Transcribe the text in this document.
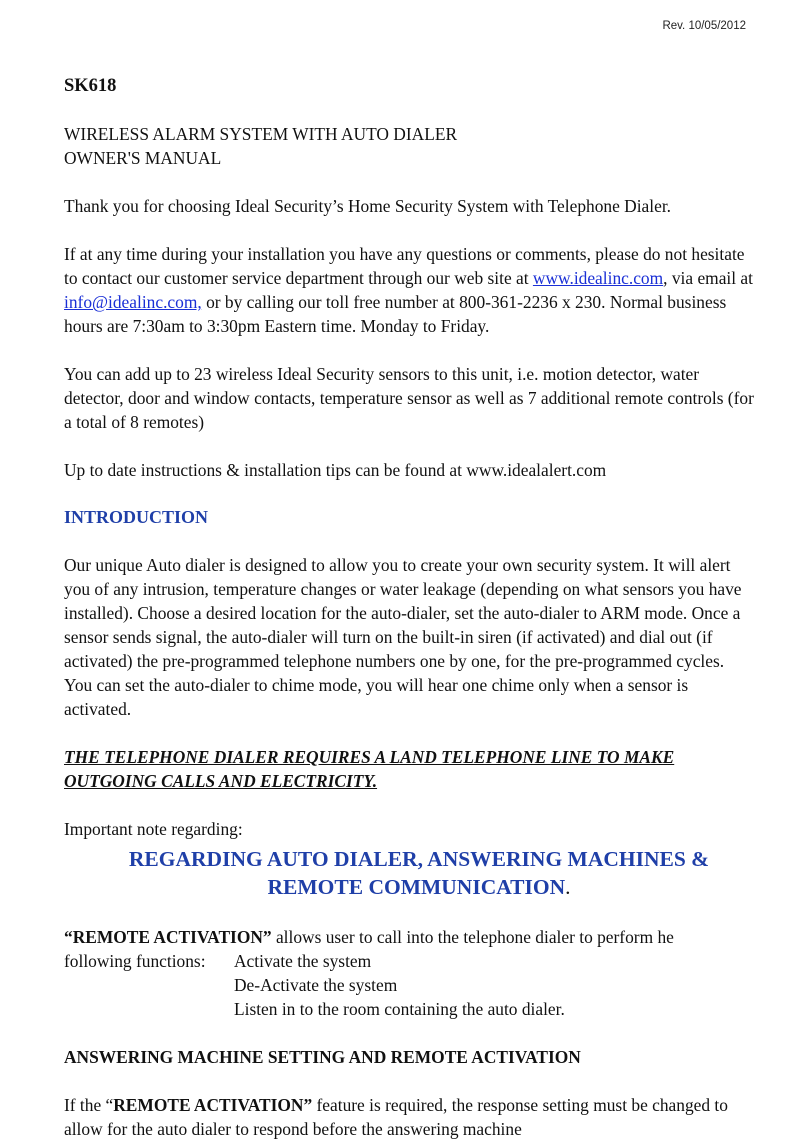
Rev. 10/05/2012

SK618

WIRELESS ALARM SYSTEM WITH AUTO DIALER

OWNER'S MANUAL

Thank you for choosing Ideal Security’s Home Security System with Telephone Dialer.

If at any time during your installation you have any questions or comments, please do not hesitate to contact our customer service department through our web site at www.idealinc.com, via email at info@idealinc.com, or by calling our toll free number at 800-361-2236 x 230. Normal business hours are 7:30am to 3:30pm Eastern time. Monday to Friday.

You can add up to 23 wireless Ideal Security sensors to this unit, i.e. motion detector, water detector, door and window contacts, temperature sensor as well as 7 additional remote controls (for a total of 8 remotes)

Up to date instructions & installation tips can be found at www.idealalert.com

INTRODUCTION

Our unique Auto dialer is designed to allow you to create your own security system. It will alert you of any intrusion, temperature changes or water leakage (depending on what sensors you have installed). Choose a desired location for the auto-dialer, set the auto-dialer to ARM mode. Once a sensor sends signal, the auto-dialer will turn on the built-in siren (if activated) and dial out (if activated) the pre-programmed telephone numbers one by one, for the pre-programmed cycles. You can set the auto-dialer to chime mode, you will hear one chime only when a sensor is activated.

THE TELEPHONE DIALER REQUIRES A LAND TELEPHONE LINE TO MAKE OUTGOING CALLS AND ELECTRICITY.

Important note regarding:

REGARDING AUTO DIALER, ANSWERING MACHINES &
REMOTE COMMUNICATION.

“REMOTE ACTIVATION” allows user to call into the telephone dialer to perform he

following functions:	Activate the system
De-Activate the system
Listen in to the room containing the auto dialer.

ANSWERING MACHINE SETTING AND REMOTE ACTIVATION

If the “REMOTE ACTIVATION” feature is required, the response setting must be changed to allow for the auto dialer to respond before the answering machine
